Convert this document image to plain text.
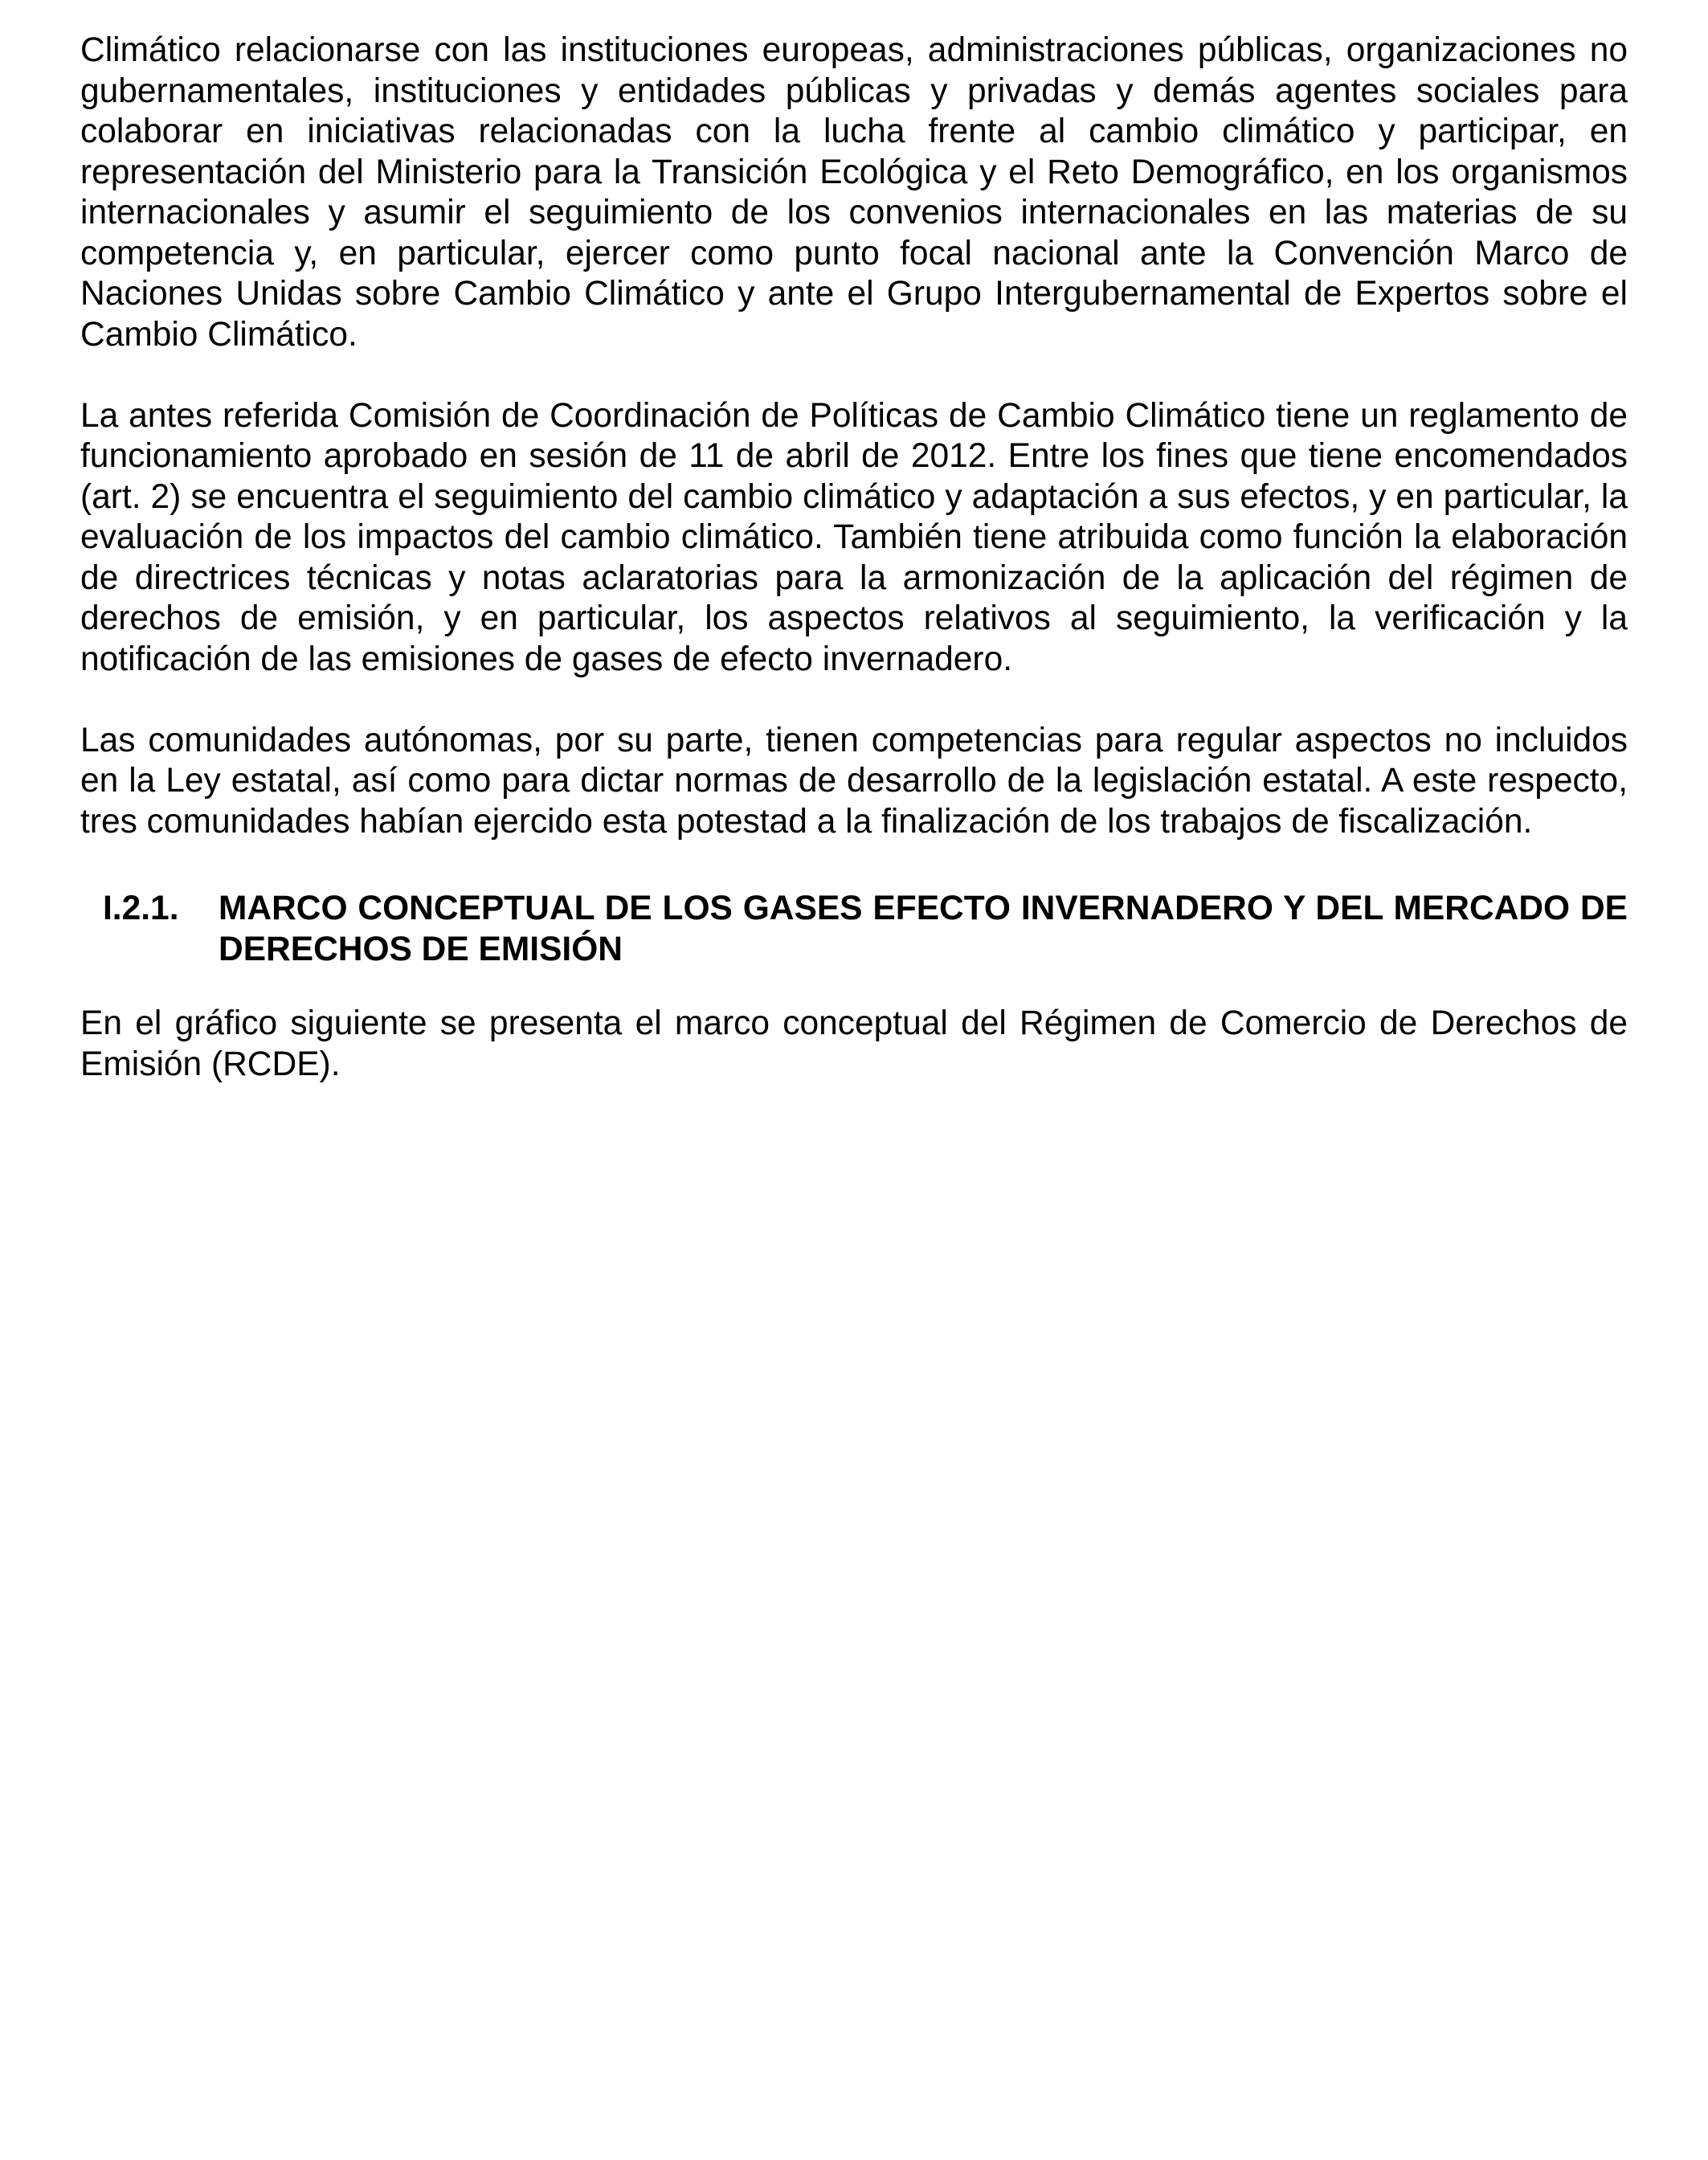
Climático relacionarse con las instituciones europeas, administraciones públicas, organizaciones no gubernamentales, instituciones y entidades públicas y privadas y demás agentes sociales para colaborar en iniciativas relacionadas con la lucha frente al cambio climático y participar, en representación del Ministerio para la Transición Ecológica y el Reto Demográfico, en los organismos internacionales y asumir el seguimiento de los convenios internacionales en las materias de su competencia y, en particular, ejercer como punto focal nacional ante la Convención Marco de Naciones Unidas sobre Cambio Climático y ante el Grupo Intergubernamental de Expertos sobre el Cambio Climático.

La antes referida Comisión de Coordinación de Políticas de Cambio Climático tiene un reglamento de funcionamiento aprobado en sesión de 11 de abril de 2012. Entre los fines que tiene encomendados (art. 2) se encuentra el seguimiento del cambio climático y adaptación a sus efectos, y en particular, la evaluación de los impactos del cambio climático. También tiene atribuida como función la elaboración de directrices técnicas y notas aclaratorias para la armonización de la aplicación del régimen de derechos de emisión, y en particular, los aspectos relativos al seguimiento, la verificación y la notificación de las emisiones de gases de efecto invernadero.

Las comunidades autónomas, por su parte, tienen competencias para regular aspectos no incluidos en la Ley estatal, así como para dictar normas de desarrollo de la legislación estatal. A este respecto, tres comunidades habían ejercido esta potestad a la finalización de los trabajos de fiscalización.

I.2.1.	MARCO CONCEPTUAL DE LOS GASES EFECTO INVERNADERO Y DEL MERCADO DE DERECHOS DE EMISIÓN

En el gráfico siguiente se presenta el marco conceptual del Régimen de Comercio de Derechos de Emisión (RCDE).
